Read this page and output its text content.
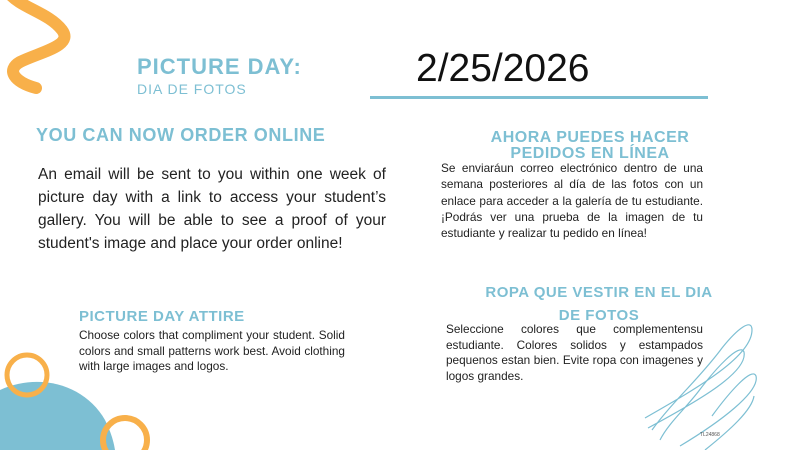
PICTURE DAY:
DIA DE FOTOS	2/25/2026
YOU CAN NOW ORDER ONLINE
An email will be sent to you within one week of picture day with a link to access your student’s gallery. You will be able to see a proof of your student's image and place your order online!
AHORA PUEDES HACER PEDIDOS EN LÍNEA
Se enviaráun correo electrónico dentro de una semana posteriores al día de las fotos con un enlace para acceder a la galería de tu estudiante. ¡Podrás ver una prueba de la imagen de tu estudiante y realizar tu pedido en línea!
PICTURE DAY ATTIRE
Choose colors that compliment your student. Solid colors and small patterns work best. Avoid clothing with large images and logos.
ROPA QUE VESTIR EN EL DIA DE FOTOS
Seleccione colores que complementensu estudiante. Colores solidos y estampados pequenos estan bien. Evite ropa con imagenes y logos grandes.
TL24868
